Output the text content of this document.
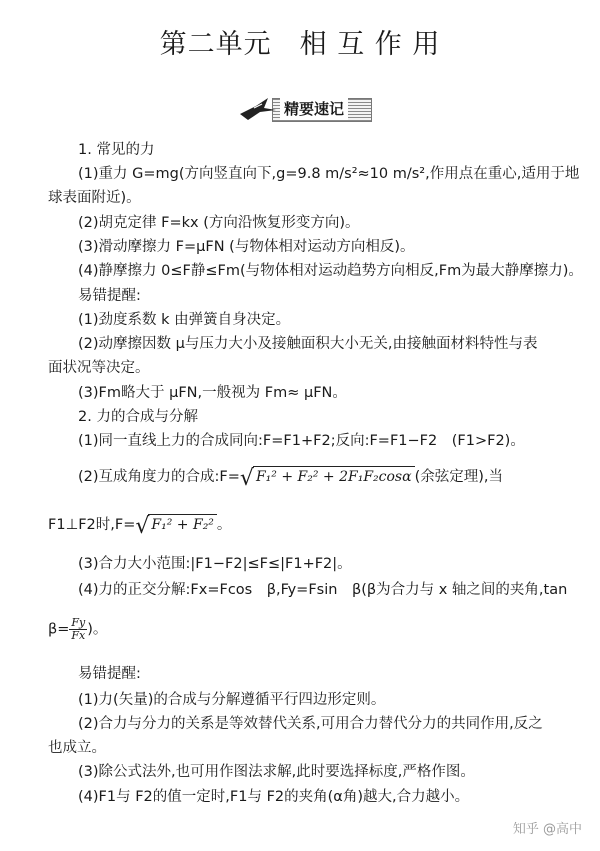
第二单元　相 互 作 用
精要速记
1. 常见的力
(1)重力 G=mg(方向竖直向下,g=9.8 m/s²≈10 m/s²,作用点在重心,适用于地
球表面附近)。
(2)胡克定律 F=kx (方向沿恢复形变方向)。
(3)滑动摩擦力 F=μFN (与物体相对运动方向相反)。
(4)静摩擦力 0≤F静≤Fm(与物体相对运动趋势方向相反,Fm为最大静摩擦力)。
易错提醒:
(1)劲度系数 k 由弹簧自身决定。
(2)动摩擦因数 μ与压力大小及接触面积大小无关,由接触面材料特性与表
面状况等决定。
(3)Fm略大于 μFN,一般视为 Fm≈ μFN。
2. 力的合成与分解
(1)同一直线上力的合成同向:F=F1+F2;反向:F=F1−F2　(F1>F2)。
(2)互成角度力的合成:F=√ F₁² + F₂² + 2F₁F₂cosα (余弦定理),当
F1⊥F2时,F=√ F₁² + F₂² 。
(3)合力大小范围:|F1−F2|≤F≤|F1+F2|。
(4)力的正交分解:Fx=Fcos　β,Fy=Fsin　β(β为合力与 x 轴之间的夹角,tan
$\beta= \frac{Fy}{Fx}$ )。
易错提醒:
(1)力(矢量)的合成与分解遵循平行四边形定则。
(2)合力与分力的关系是等效替代关系,可用合力替代分力的共同作用,反之
也成立。
(3)除公式法外,也可用作图法求解,此时要选择标度,严格作图。
(4)F1与 F2的值一定时,F1与 F2的夹角(α角)越大,合力越小。
知乎 @高中
